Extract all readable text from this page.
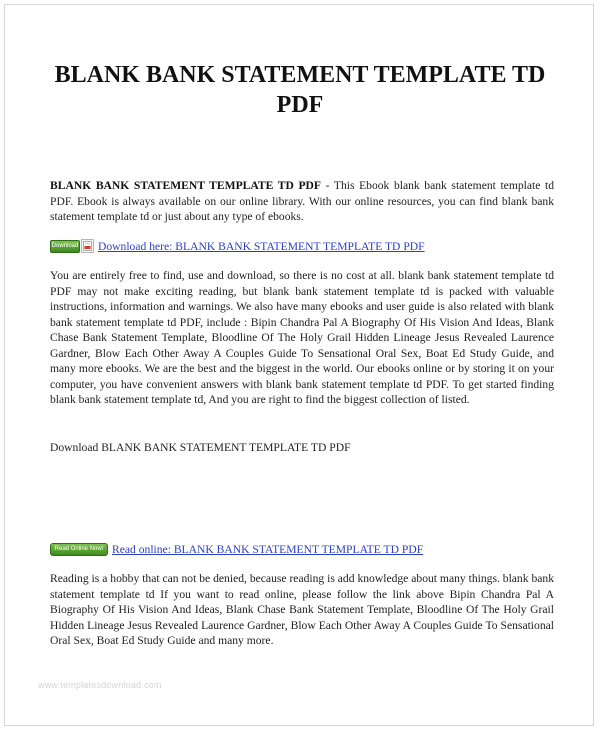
BLANK BANK STATEMENT TEMPLATE TD PDF

BLANK BANK STATEMENT TEMPLATE TD PDF - This Ebook blank bank statement template td PDF. Ebook is always available on our online library. With our online resources, you can find blank bank statement template td or just about any type of ebooks.

Download Download here: BLANK BANK STATEMENT TEMPLATE TD PDF

You are entirely free to find, use and download, so there is no cost at all. blank bank statement template td PDF may not make exciting reading, but blank bank statement template td is packed with valuable instructions, information and warnings. We also have many ebooks and user guide is also related with blank bank statement template td PDF, include : Bipin Chandra Pal A Biography Of His Vision And Ideas, Blank Chase Bank Statement Template, Bloodline Of The Holy Grail Hidden Lineage Jesus Revealed Laurence Gardner, Blow Each Other Away A Couples Guide To Sensational Oral Sex, Boat Ed Study Guide, and many more ebooks. We are the best and the biggest in the world. Our ebooks online or by storing it on your computer, you have convenient answers with blank bank statement template td PDF. To get started finding blank bank statement template td, And you are right to find the biggest collection of listed.

Download BLANK BANK STATEMENT TEMPLATE TD PDF

Read Online Now! Read online: BLANK BANK STATEMENT TEMPLATE TD PDF

Reading is a hobby that can not be denied, because reading is add knowledge about many things. blank bank statement template td If you want to read online, please follow the link above Bipin Chandra Pal A Biography Of His Vision And Ideas, Blank Chase Bank Statement Template, Bloodline Of The Holy Grail Hidden Lineage Jesus Revealed Laurence Gardner, Blow Each Other Away A Couples Guide To Sensational Oral Sex, Boat Ed Study Guide and many more.

www.templatesdownload.com
